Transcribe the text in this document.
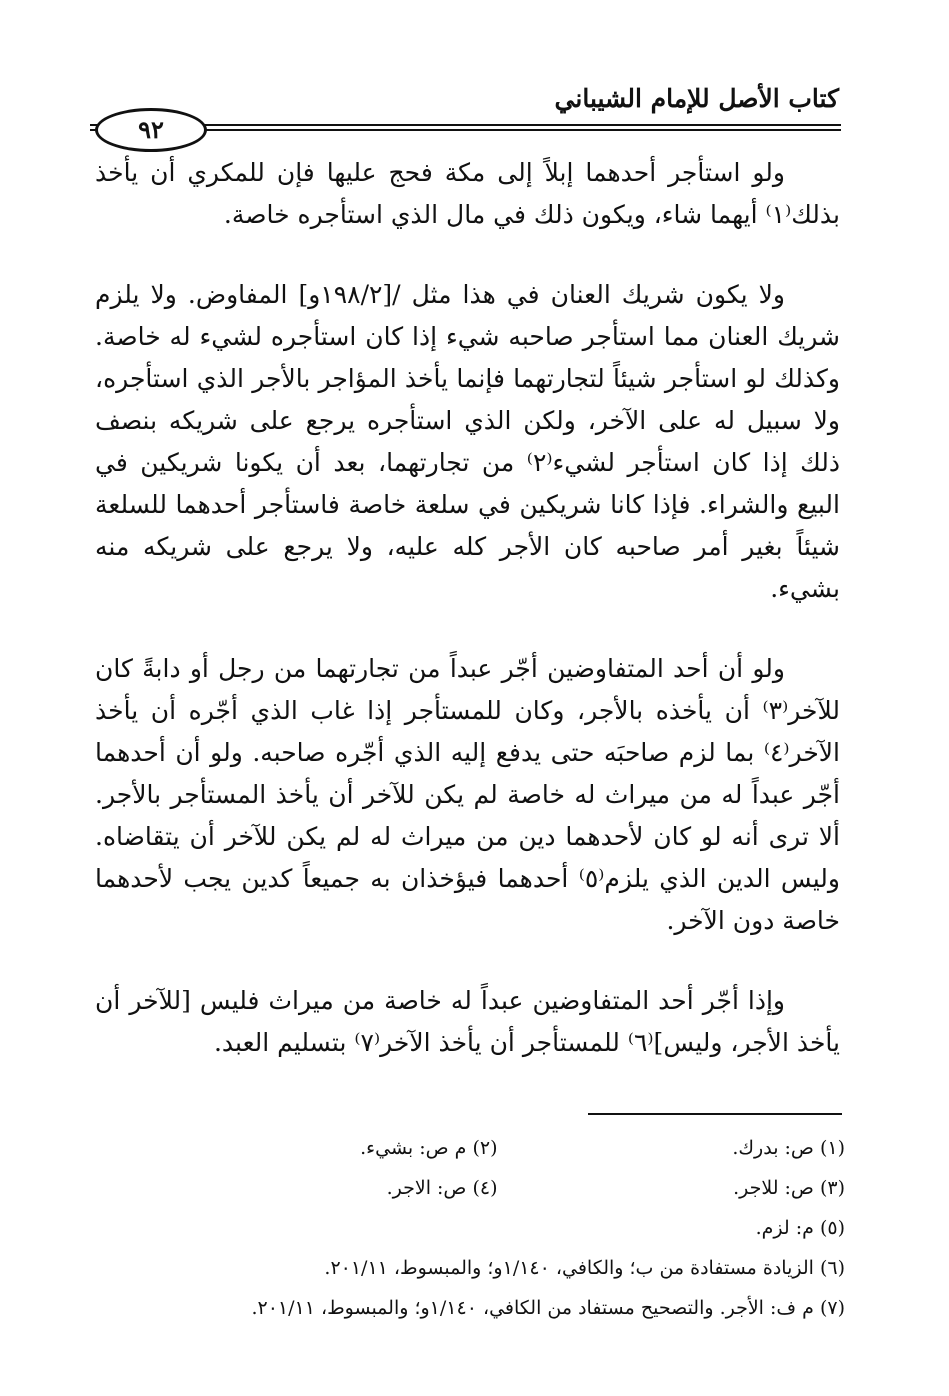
كتاب الأصل للإمام الشيباني
٩٢

ولو استأجر أحدهما إبلاً إلى مكة فحج عليها فإن للمكري أن يأخذ بذلك⁽١⁾ أيهما شاء، ويكون ذلك في مال الذي استأجره خاصة.

ولا يكون شريك العنان في هذا مثل /[١٩٨/٢و] المفاوض. ولا يلزم شريك العنان مما استأجر صاحبه شيء إذا كان استأجره لشيء له خاصة. وكذلك لو استأجر شيئاً لتجارتهما فإنما يأخذ المؤاجر بالأجر الذي استأجره، ولا سبيل له على الآخر، ولكن الذي استأجره يرجع على شريكه بنصف ذلك إذا كان استأجر لشيء⁽٢⁾ من تجارتهما، بعد أن يكونا شريكين في البيع والشراء. فإذا كانا شريكين في سلعة خاصة فاستأجر أحدهما للسلعة شيئاً بغير أمر صاحبه كان الأجر كله عليه، ولا يرجع على شريكه منه بشيء.

ولو أن أحد المتفاوضين أجّر عبداً من تجارتهما من رجل أو دابةً كان للآخر⁽٣⁾ أن يأخذه بالأجر، وكان للمستأجر إذا غاب الذي أجّره أن يأخذ الآخر⁽٤⁾ بما لزم صاحبَه حتى يدفع إليه الذي أجّره صاحبه. ولو أن أحدهما أجّر عبداً له من ميراث له خاصة لم يكن للآخر أن يأخذ المستأجر بالأجر. ألا ترى أنه لو كان لأحدهما دين من ميراث له لم يكن للآخر أن يتقاضاه. وليس الدين الذي يلزم⁽٥⁾ أحدهما فيؤخذان به جميعاً كدين يجب لأحدهما خاصة دون الآخر.

وإذا أجّر أحد المتفاوضين عبداً له خاصة من ميراث فليس [للآخر أن يأخذ الأجر، وليس]⁽٦⁾ للمستأجر أن يأخذ الآخر⁽٧⁾ بتسليم العبد.

(١) ص: بدرك.
(٢) م ص: بشيء.
(٣) ص: للاجر.
(٤) ص: الاجر.
(٥) م: لزم.
(٦) الزيادة مستفادة من ب؛ والكافي، ١/١٤٠و؛ والمبسوط، ٢٠١/١١.
(٧) م ف: الأجر. والتصحيح مستفاد من الكافي، ١/١٤٠و؛ والمبسوط، ٢٠١/١١.
